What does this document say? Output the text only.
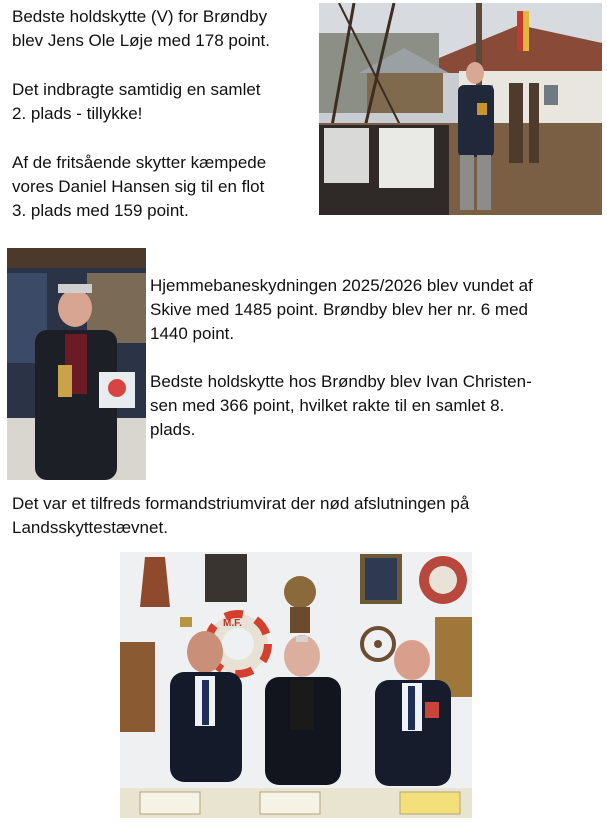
Bedste holdskytte (V) for Brøndby
blev Jens Ole Løje med 178 point.

Det indbragte samtidig en samlet
2. plads - tillykke!

Af de fritsående skytter kæmpede
vores Daniel Hansen sig til en flot
3. plads med 159 point.

Hjemmebaneskydningen 2025/2026 blev vundet af
Skive med 1485 point. Brøndby blev her nr. 6 med
1440 point.

Bedste holdskytte hos Brøndby blev Ivan Christen-
sen med 366 point, hvilket rakte til en samlet 8.
plads.

Det var et tilfreds formandstriumvirat der nød afslutningen på
Landsskyttestævnet.

M.F.
